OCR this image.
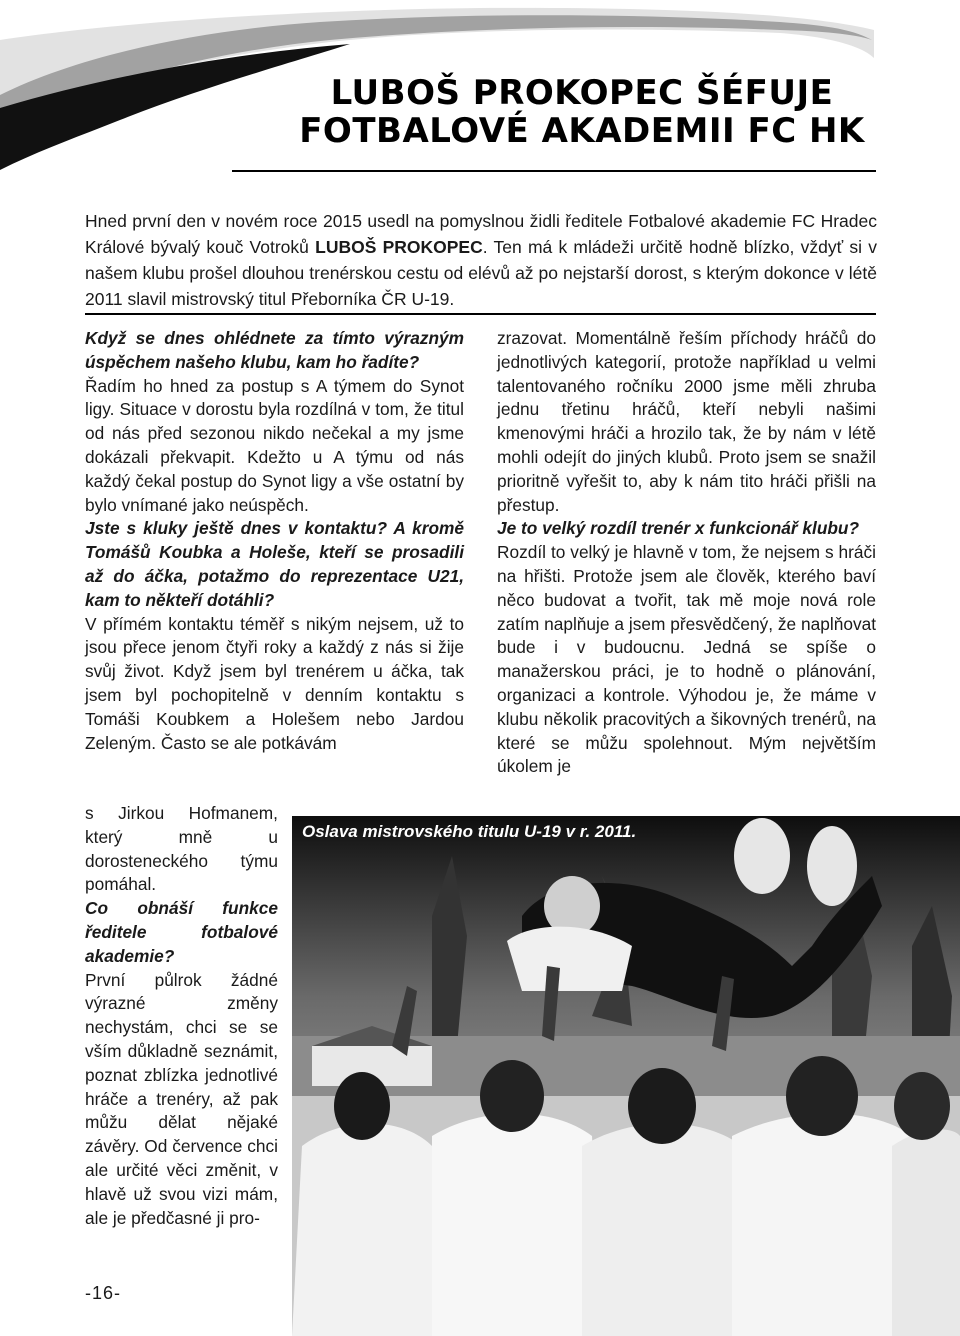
LUBOŠ PROKOPEC ŠÉFUJE
FOTBALOVÉ AKADEMII FC HK

Hned první den v novém roce 2015 usedl na pomyslnou židli ředitele Fotbalové akademie FC Hradec Králové bývalý kouč Votroků LUBOŠ PROKOPEC. Ten má k mládeži určitě hodně blízko, vždyť si v našem klubu prošel dlouhou trenérskou cestu od elévů až po nejstarší dorost, s kterým dokonce v létě 2011 slavil mistrovský titul Přeborníka ČR U-19.

Když se dnes ohlédnete za tímto výrazným úspěchem našeho klubu, kam ho řadíte?

Řadím ho hned za postup s A týmem do Synot ligy. Situace v dorostu byla rozdílná v tom, že titul od nás před sezonou nikdo nečekal a my jsme dokázali překvapit. Kdežto u A týmu od nás každý čekal postup do Synot ligy a vše ostatní by bylo vnímané jako neúspěch.

Jste s kluky ještě dnes v kontaktu? A kromě Tomášů Koubka a Holeše, kteří se prosadili až do áčka, potažmo do reprezentace U21, kam to někteří dotáhli?

V přímém kontaktu téměř s nikým nejsem, už to jsou přece jenom čtyři roky a každý z nás si žije svůj život. Když jsem byl trenérem u áčka, tak jsem byl pochopitelně v denním kontaktu s Tomáši Koubkem a Holešem nebo Jardou Zeleným. Často se ale potkávám

s Jirkou Hofmanem, který mně u dorosteneckého týmu pomáhal.

Co obnáší funkce ředitele fotbalové akademie?

První půlrok žádné výrazné změny nechystám, chci se se vším důkladně seznámit, poznat zblízka jednotlivé hráče a trenéry, až pak můžu dělat nějaké závěry. Od července chci ale určité věci změnit, v hlavě už svou vizi mám, ale je předčasné ji pro-

zrazovat. Momentálně řeším příchody hráčů do jednotlivých kategorií, protože například u velmi talentovaného ročníku 2000 jsme měli zhruba jednu třetinu hráčů, kteří nebyli našimi kmenovými hráči a hrozilo tak, že by nám v létě mohli odejít do jiných klubů. Proto jsem se snažil prioritně vyřešit to, aby k nám tito hráči přišli na přestup.

Je to velký rozdíl trenér x funkcionář klubu?

Rozdíl to velký je hlavně v tom, že nejsem s hráči na hřišti. Protože jsem ale člověk, kterého baví něco budovat a tvořit, tak mě moje nová role zatím naplňuje a jsem přesvědčený, že naplňovat bude i v budoucnu. Jedná se spíše o manažerskou práci, je to hodně o plánování, organizaci a kontrole. Výhodou je, že máme v klubu několik pracovitých a šikovných trenérů, na které se můžu spolehnout. Mým největším úkolem je

Oslava mistrovského titulu U-19 v r. 2011.
-16-
